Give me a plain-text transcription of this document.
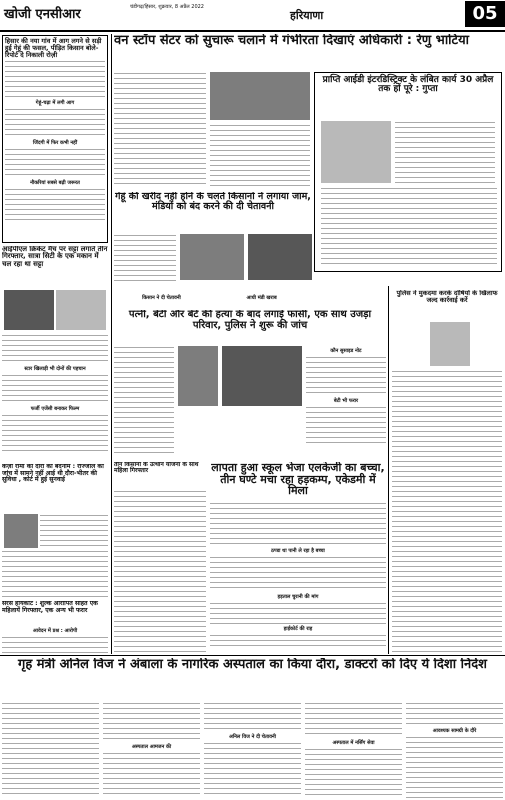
खोजी एनसीआर	चंडीगढ़/हिसार, शुक्रवार, 8 अप्रैल 2022
हरियाणा	05
हिसार की नया गांव में आग लगने से सड़ी हुई गेहूं की फसल, पीड़ित किसान बोले- रिपोर्ट दे निकाली रोज़ी
गेहूं-चढ़ा में लगी आग
जिंदगी में फिर कभी नहीं
नौकरियां सबसे बढ़ी जरूरत
आईपीएल क्रिकेट मैच पर सट्टा लगाते तीन गिरफ्तार, सात्रा सिटी के एक मकान में चल रहा था सट्टा
स्टार खिलाड़ी भी दोनों की पहचान
फर्जी एजेंसी बनाकर फिल्म
कर्ज़ी रामों की दौरी को बदनाम : राज्जोल की जांच में सामने नहीं आई थी दौरा-भीतर की सुविधा , कोर्ट में हुई सुनवाई
सरस हायकोर्ट : शुल्क आरोपित सहित एक महिलायें गिरफ्तार, एक अन्य भी फरार
आवेदन में प्रश्न : आरोपी
वन स्टॉप सेंटर को सुचारू चलाने में गंभीरता दिखाएं अधिकारी : रेणु भाटिया
प्राप्ति आईडी इंटरडिस्ट्रिक्ट के लंबित कार्य 30 अप्रैल तक हों पूरे : गुप्ता
गेहूं की खरीद नहीं होने के चलते किसानों ने लगाया जाम, मंडियों को बंद करने की दी चेतावनी
किसान ने दी चेतावनी	आधी मंडी खराब
पत्नी, बेटी और बेटे की हत्या के बाद लगाई फांसी, एक साथ उजड़ा परिवार, पुलिस ने शुरू की जांच
कौन सुसाइड नोट
बेटी भी फरार
पुलिस ने मुकदमा करके दोषियों के खिलाफ जल्द कार्रवाई करें
तीन किसानों के उत्थान योजना के साथ महिला गिरफ्तार	लापता हुआ स्कूल भेजा एलकेजी का बच्चा, तीन घण्टे मचा रहा हड़कम्प, एकेडमी में मिला
ठण्डा था पानी ले रहा है बच्चा
हड़ताल चुरानी की मांग
हाईकोर्ट की राह
गृह मंत्री अनिल विज ने अंबाला के नागरिक अस्पताल का किया दौरा, डाक्टरों को दिए ये दिशा निर्देश
अस्पताल आमजन की
अनिल विज ने दी चेतावनी
अस्पताल में नर्सिंग सेवा
आवश्यक सामग्री के दौरे
